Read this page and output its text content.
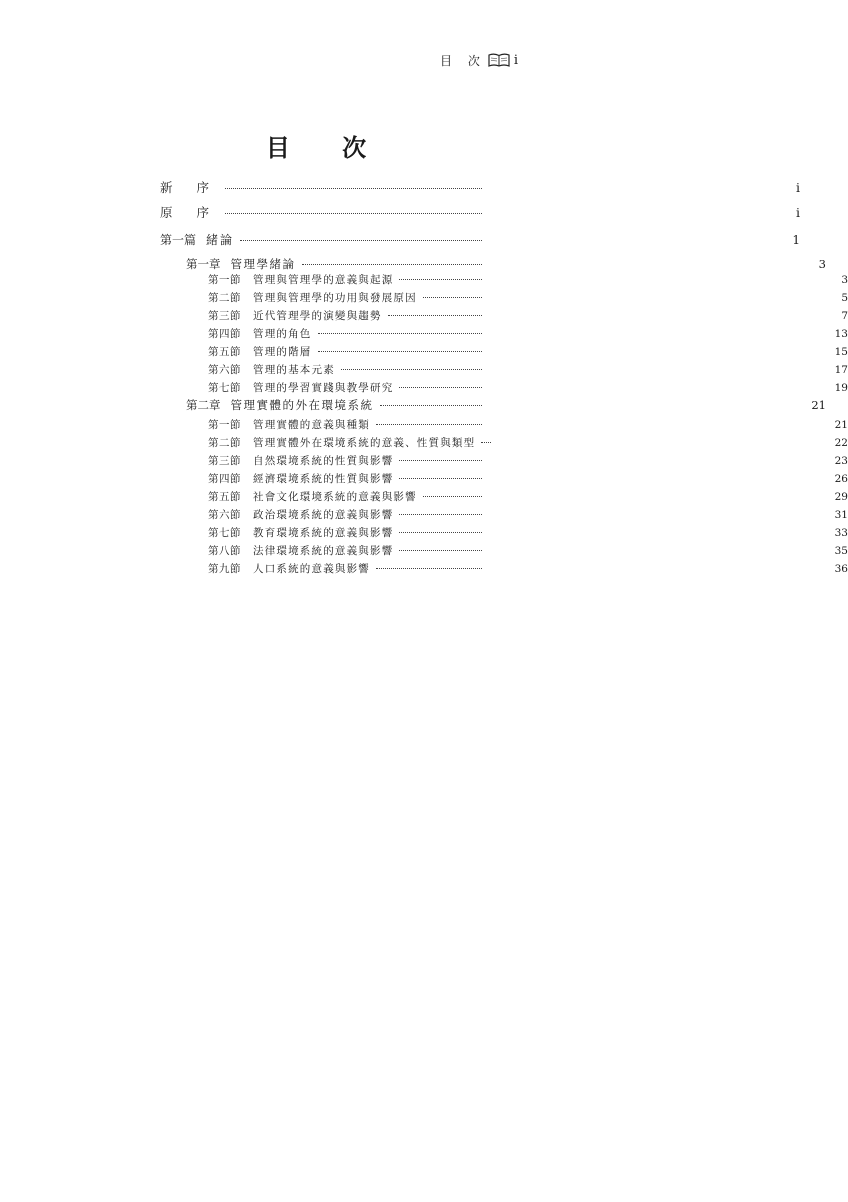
目 次 i
目 次
新 序	i
原 序	i
第一篇 緒論	1
第一章 管理學緒論	3
第一節 管理與管理學的意義與起源	3
第二節 管理與管理學的功用與發展原因	5
第三節 近代管理學的演變與趨勢	7
第四節 管理的角色	13
第五節 管理的階層	15
第六節 管理的基本元素	17
第七節 管理的學習實踐與教學研究	19
第二章 管理實體的外在環境系統	21
第一節 管理實體的意義與種類	21
第二節 管理實體外在環境系統的意義、性質與類型	22
第三節 自然環境系統的性質與影響	23
第四節 經濟環境系統的性質與影響	26
第五節 社會文化環境系統的意義與影響	29
第六節 政治環境系統的意義與影響	31
第七節 教育環境系統的意義與影響	33
第八節 法律環境系統的意義與影響	35
第九節 人口系統的意義與影響	36
